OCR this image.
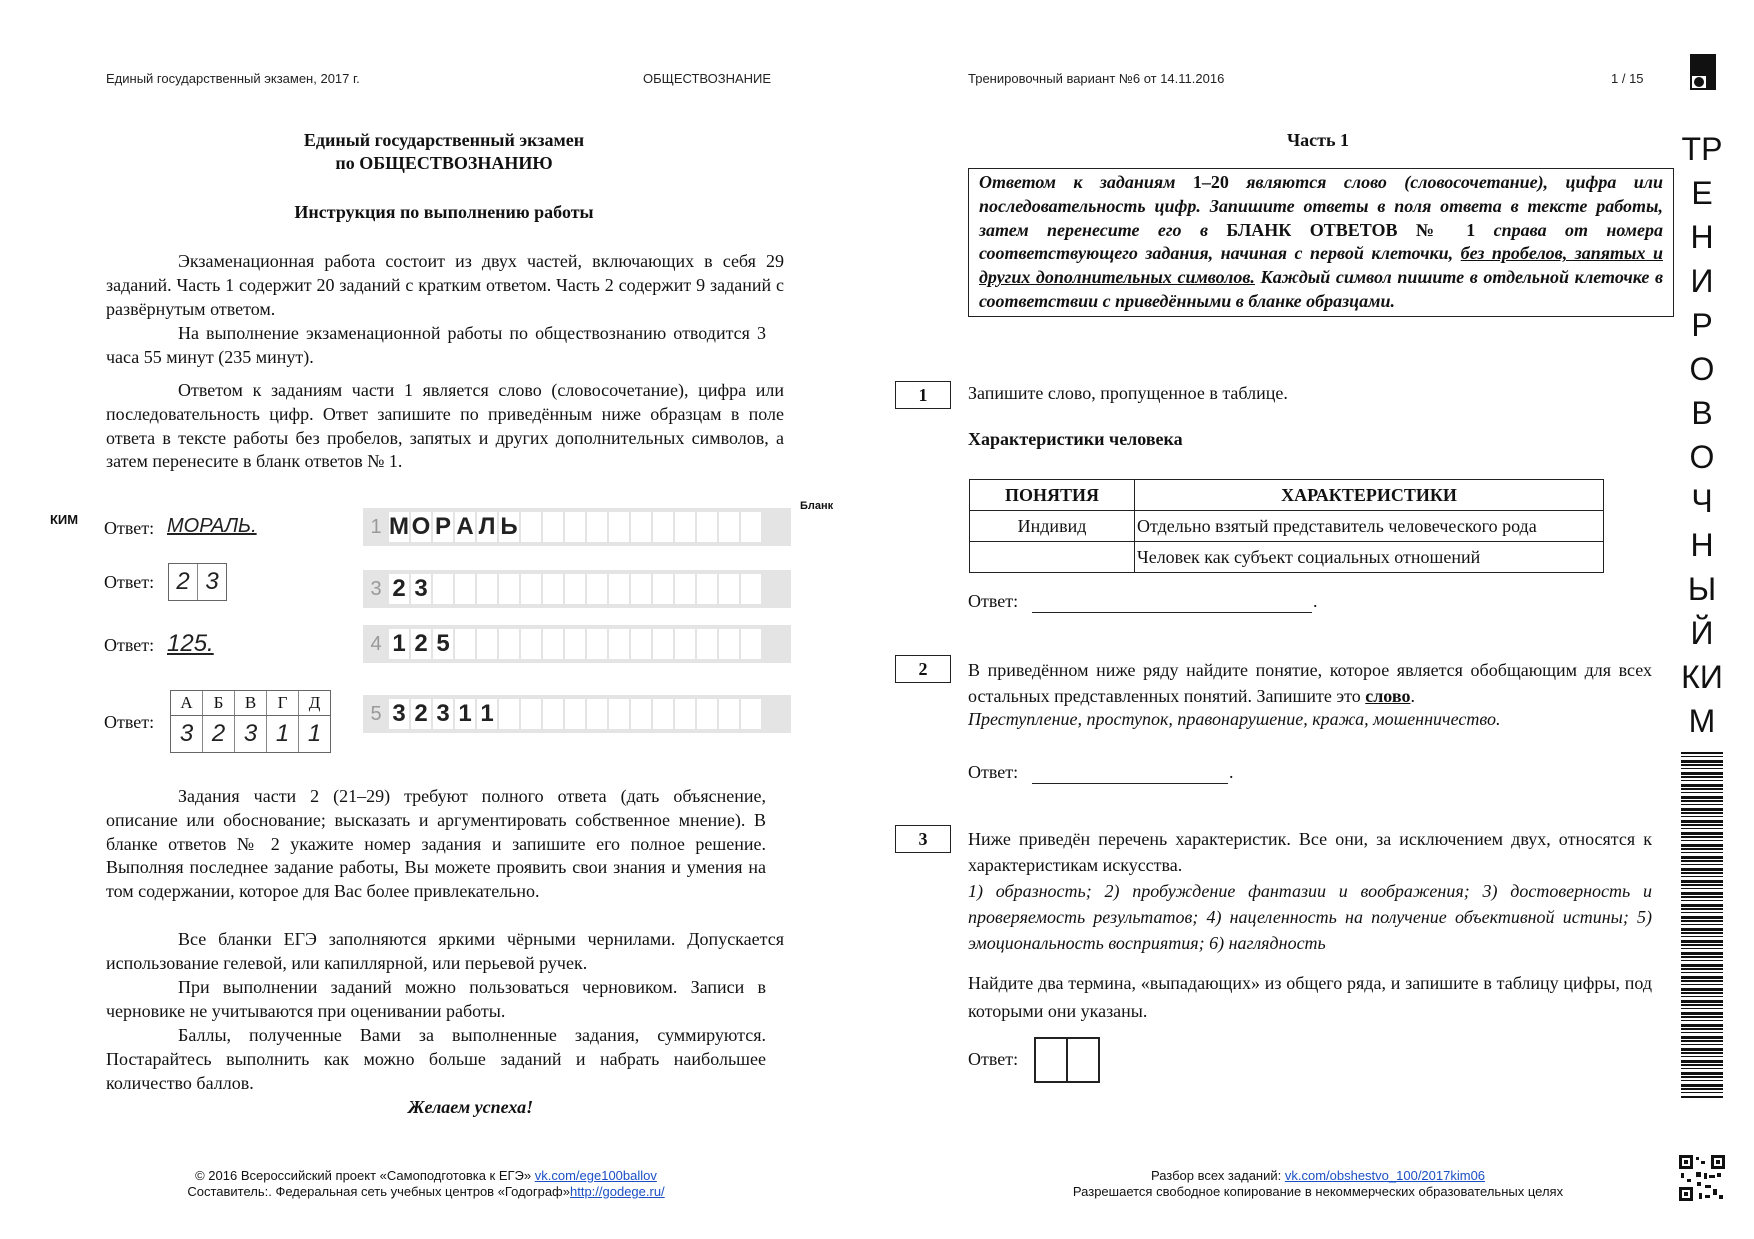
Единый государственный экзамен, 2017 г.	ОБЩЕСТВОЗНАНИЕ	Тренировочный вариант №6 от 14.11.2016	1 / 15
Единый государственный экзамен
по ОБЩЕСТВОЗНАНИЮ
Инструкция по выполнению работы
Экзаменационная работа состоит из двух частей, включающих в себя 29 заданий. Часть 1 содержит 20 заданий с кратким ответом. Часть 2 содержит 9 заданий с развёрнутым ответом.
На выполнение экзаменационной работы по обществознанию отводится 3 часа 55 минут (235 минут).
Ответом к заданиям части 1 является слово (словосочетание), цифра или последовательность цифр. Ответ запишите по приведённым ниже образцам в поле ответа в тексте работы без пробелов, запятых и других дополнительных символов, а затем перенесите в бланк ответов № 1.
КИМ
Бланк
Ответ: МОРАЛЬ.	1 М О Р А Л Ь
Ответ: 2 3	3 2 3
Ответ: 125.	4 1 2 5
Ответ:
А	Б	В	Г	Д
3 2 3 1 1
5 3 2 3 1 1
Задания части 2 (21–29) требуют полного ответа (дать объяснение, описание или обоснование; высказать и аргументировать собственное мнение). В бланке ответов № 2 укажите номер задания и запишите его полное решение. Выполняя последнее задание работы, Вы можете проявить свои знания и умения на том содержании, которое для Вас более привлекательно.
Все бланки ЕГЭ заполняются яркими чёрными чернилами. Допускается использование гелевой, или капиллярной, или перьевой ручек.
При выполнении заданий можно пользоваться черновиком. Записи в черновике не учитываются при оценивании работы.
Баллы, полученные Вами за выполненные задания, суммируются. Постарайтесь выполнить как можно больше заданий и набрать наибольшее количество баллов.
Желаем успеха!
Часть 1
Ответом к заданиям 1–20 являются слово (словосочетание), цифра или последовательность цифр. Запишите ответы в поля ответа в тексте работы, затем перенесите его в БЛАНК ОТВЕТОВ № 1 справа от номера соответствующего задания, начиная с первой клеточки, без пробелов, запятых и других дополнительных символов. Каждый символ пишите в отдельной клеточке в соответствии с приведёнными в бланке образцами.
1	Запишите слово, пропущенное в таблице.
Характеристики человека
ПОНЯТИЯ	ХАРАКТЕРИСТИКИ
Индивид	Отдельно взятый представитель человеческого рода
	Человек как субъект социальных отношений
Ответ:	.
2	В приведённом ниже ряду найдите понятие, которое является обобщающим для всех остальных представленных понятий. Запишите это слово.
Преступление, проступок, правонарушение, кража, мошенничество.
Ответ:	.
3	Ниже приведён перечень характеристик. Все они, за исключением двух, относятся к характеристикам искусства.
1) образность; 2) пробуждение фантазии и воображения; 3) достоверность и проверяемость результатов; 4) нацеленность на получение объективной истины; 5) эмоциональность восприятия; 6) наглядность
Найдите два термина, «выпадающих» из общего ряда, и запишите в таблицу цифры, под которыми они указаны.
Ответ:
ТР
Е
Н
И
Р
О
В
О
Ч
Н
Ы
Й
КИ
М
© 2016 Всероссийский проект «Самоподготовка к ЕГЭ» vk.com/ege100ballov
Составитель:. Федеральная сеть учебных центров «Годограф»http://godege.ru/
Разбор всех заданий: vk.com/obshestvo_100/2017kim06
Разрешается свободное копирование в некоммерческих образовательных целях
